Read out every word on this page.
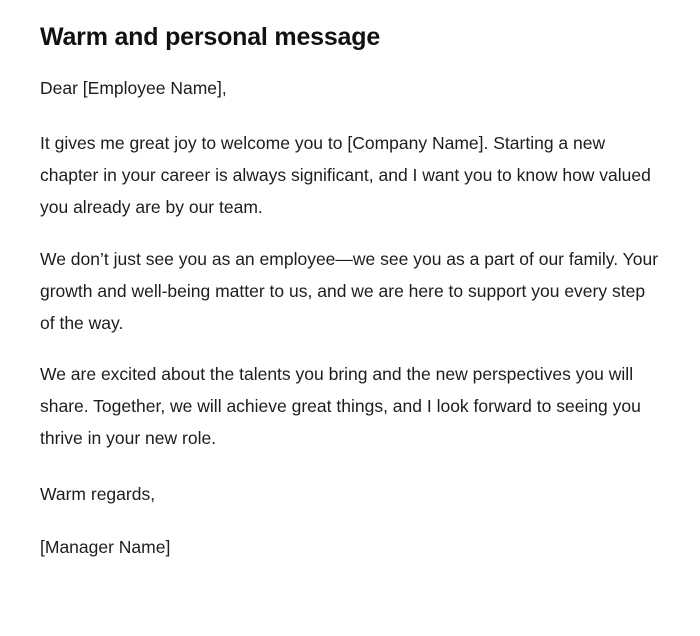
Warm and personal message

Dear [Employee Name],

It gives me great joy to welcome you to [Company Name]. Starting a new chapter in your career is always significant, and I want you to know how valued you already are by our team.

We don’t just see you as an employee—we see you as a part of our family. Your growth and well-being matter to us, and we are here to support you every step of the way.

We are excited about the talents you bring and the new perspectives you will share. Together, we will achieve great things, and I look forward to seeing you thrive in your new role.

Warm regards,

[Manager Name]
